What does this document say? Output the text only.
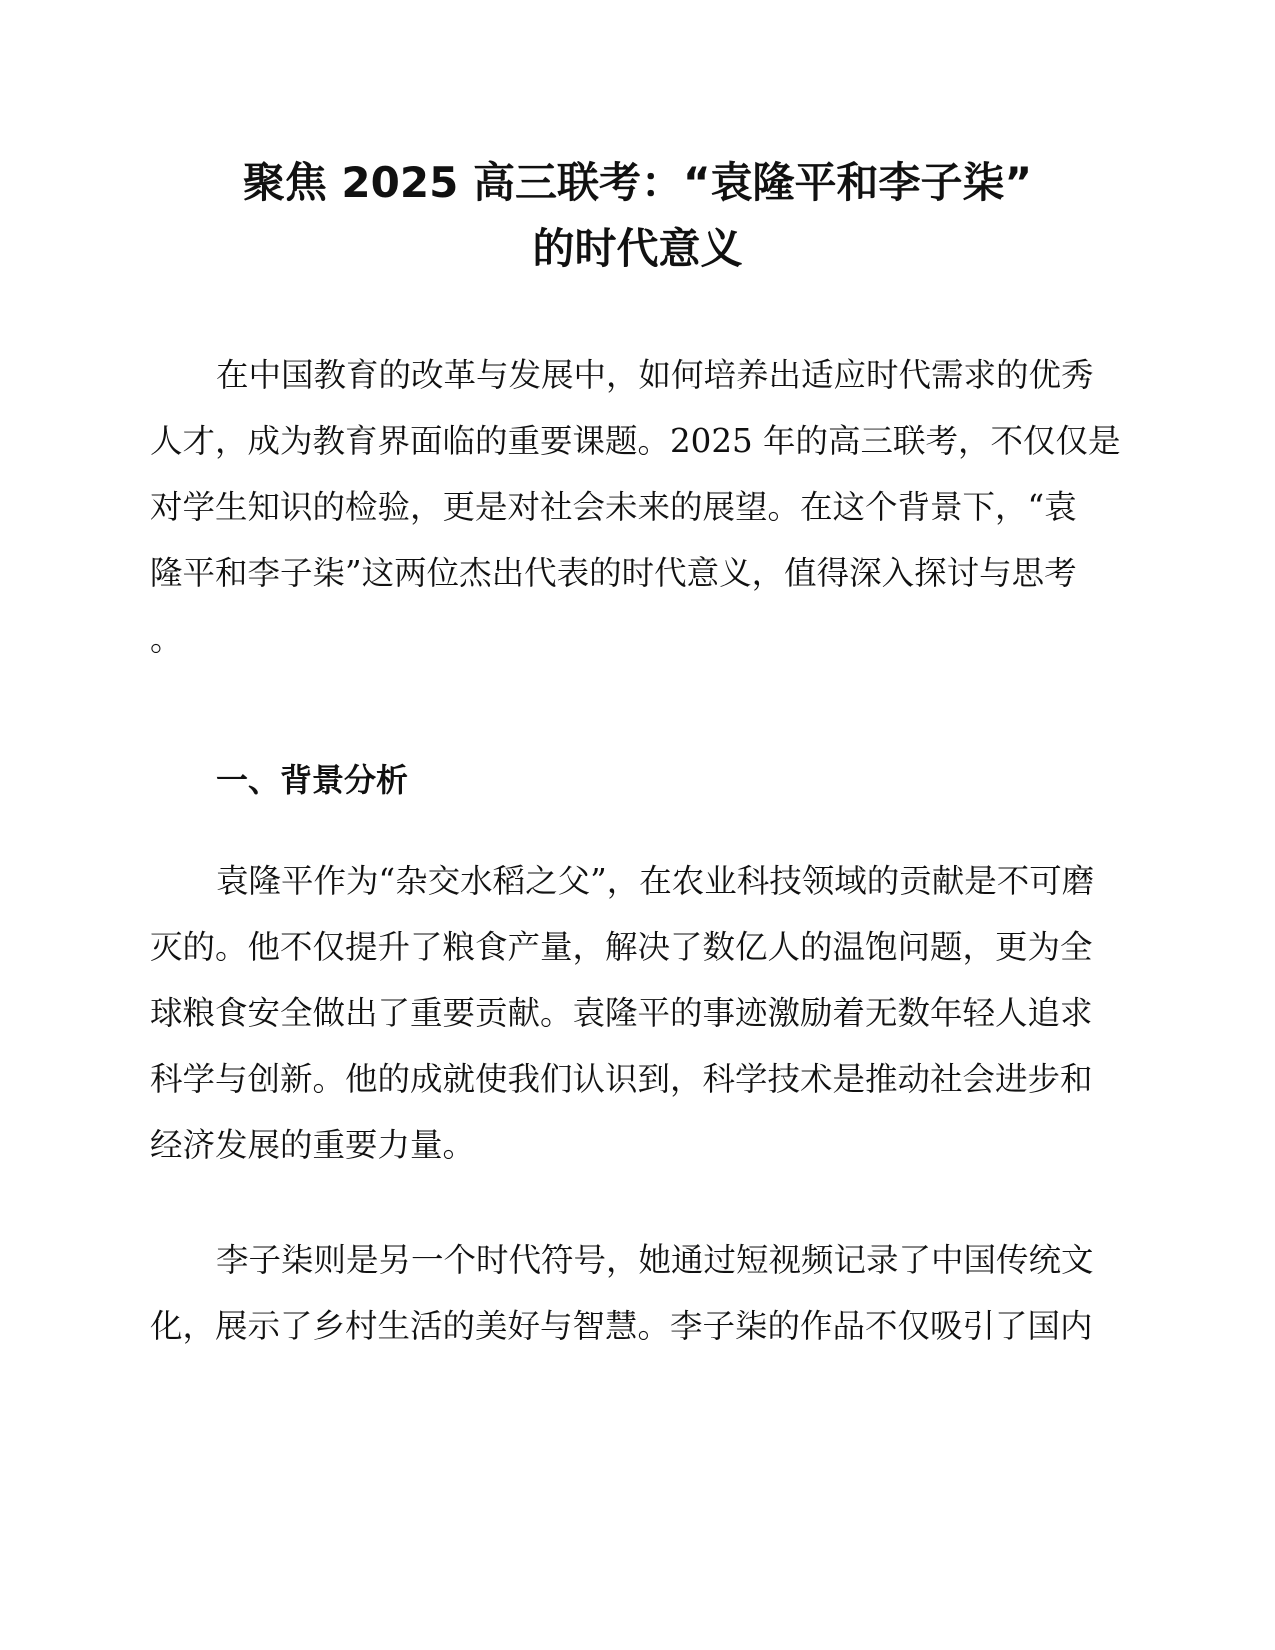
聚焦 2025 高三联考：“袁隆平和李子柒”
的时代意义

在中国教育的改革与发展中，如何培养出适应时代需求的优秀
人才，成为教育界面临的重要课题。2025 年的高三联考，不仅仅是
对学生知识的检验，更是对社会未来的展望。在这个背景下，“袁
隆平和李子柒”这两位杰出代表的时代意义，值得深入探讨与思考
。

一、背景分析

袁隆平作为“杂交水稻之父”，在农业科技领域的贡献是不可磨
灭的。他不仅提升了粮食产量，解决了数亿人的温饱问题，更为全
球粮食安全做出了重要贡献。袁隆平的事迹激励着无数年轻人追求
科学与创新。他的成就使我们认识到，科学技术是推动社会进步和
经济发展的重要力量。

李子柒则是另一个时代符号，她通过短视频记录了中国传统文
化，展示了乡村生活的美好与智慧。李子柒的作品不仅吸引了国内
